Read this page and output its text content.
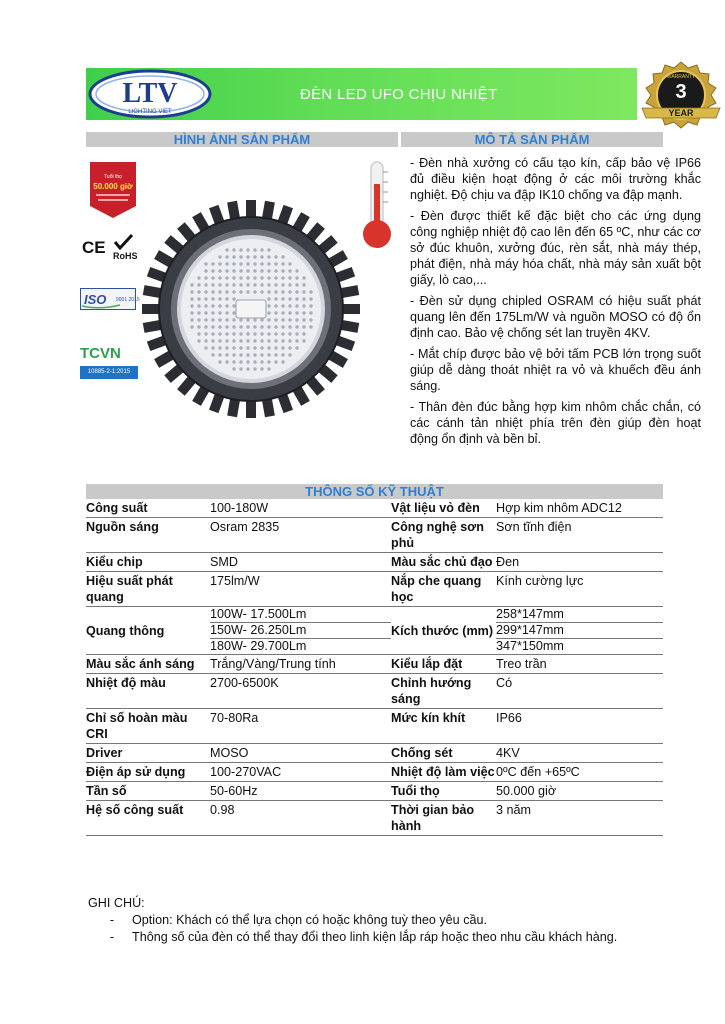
LTV
LIGHTING VIET
ĐÈN LED UFO CHỊU NHIỆT	3
YEAR
WARRANTY
HÌNH ẢNH SẢN PHẨM	MÔ TẢ SẢN PHẨM
Tuổi thọ
50.000 giờ
CE RoHS
ISO 9001 2015
TCVN
10885-2-1:2015

- Đèn nhà xưởng có cấu tạo kín, cấp bảo vệ IP66 đủ điều kiện hoạt động ở các môi trường khắc nghiệt. Độ chịu va đập IK10 chống va đập mạnh.

- Đèn được thiết kế đặc biệt cho các ứng dụng công nghiệp nhiệt độ cao lên đến 65 ºC, như các cơ sở đúc khuôn, xưởng đúc, rèn sắt, nhà máy thép, phát điện, nhà máy hóa chất, nhà máy sản xuất bột giấy, lò cao,...

- Đèn sử dụng chipled OSRAM có hiệu suất phát quang lên đến 175Lm/W và nguồn MOSO có độ ổn định cao. Bảo vệ chống sét lan truyền 4KV.

- Mắt chíp được bảo vệ bởi tấm PCB lớn trọng suốt giúp dễ dàng thoát nhiệt ra vỏ và khuếch đều ánh sáng.

- Thân đèn đúc bằng hợp kim nhôm chắc chắn, có các cánh tản nhiệt phía trên đèn giúp đèn hoạt động ổn định và bền bỉ.

THÔNG SỐ KỸ THUẬT
Công suất	100-180W	Vật liệu vỏ đèn	Hợp kim nhôm ADC12
Nguồn sáng	Osram 2835	Công nghệ sơn phủ	Sơn tĩnh điện
Kiểu chip	SMD	Màu sắc chủ đạo	Đen
Hiệu suất phát quang	175lm/W	Nắp che quang học	Kính cường lực
Quang thông	100W- 17.500Lm	Kích thước (mm)	258*147mm
	150W- 26.250Lm		299*147mm
	180W- 29.700Lm		347*150mm
Màu sắc ánh sáng	Trắng/Vàng/Trung tính	Kiểu lắp đặt	Treo trần
Nhiệt độ màu	2700-6500K	Chỉnh hướng sáng	Có
Chỉ số hoàn màu CRI	70-80Ra	Mức kín khít	IP66
Driver	MOSO	Chống sét	4KV
Điện áp sử dụng	100-270VAC	Nhiệt độ làm việc	0ºC đến +65ºC
Tần số	50-60Hz	Tuổi thọ	50.000 giờ
Hệ số công suất	0.98	Thời gian bảo hành	3 năm
GHI CHÚ:
- Option: Khách có thể lựa chọn có hoặc không tuỳ theo yêu cầu.
- Thông số của đèn có thể thay đổi theo linh kiện lắp ráp hoặc theo nhu cầu khách hàng.
